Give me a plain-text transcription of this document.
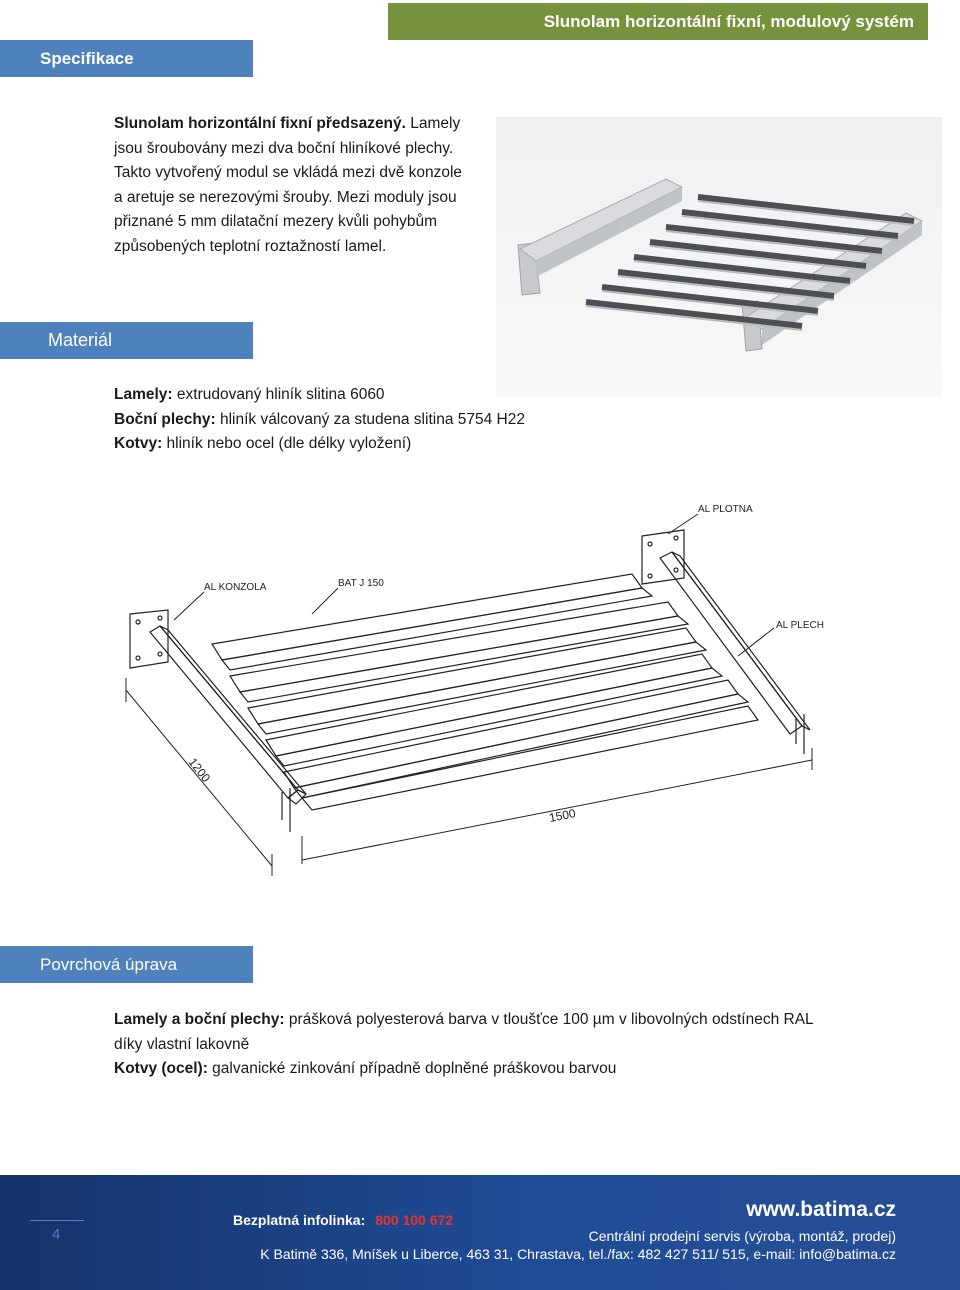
Slunolam horizontální fixní, modulový systém
Specifikace
Slunolam horizontální fixní předsazený. Lamely
jsou šroubovány mezi dva boční hliníkové plechy.
Takto vytvořený modul se vkládá mezi dvě konzole
a aretuje se nerezovými šrouby. Mezi moduly jsou
přiznané 5 mm dilatační mezery kvůli pohybům
způsobených teplotní roztažností lamel.
Materiál
Lamely: extrudovaný hliník slitina 6060
Boční plechy: hliník válcovaný za studena slitina 5754 H22
Kotvy: hliník nebo ocel (dle délky vyložení)
AL KONZOLA	BAT J 150
AL PLOTNA
AL PLECH
1200
1500
Povrchová úprava
Lamely a boční plechy: prášková polyesterová barva v tloušťce 100 µm v libovolných odstínech RAL
díky vlastní lakovně
Kotvy (ocel): galvanické zinkování případně doplněné práškovou barvou
4
Bezplatná infolinka: 800 100 672	www.batima.cz
Centrální prodejní servis (výroba, montáž, prodej)
K Batimě 336, Mníšek u Liberce, 463 31, Chrastava, tel./fax: 482 427 511/ 515, e-mail: info@batima.cz
